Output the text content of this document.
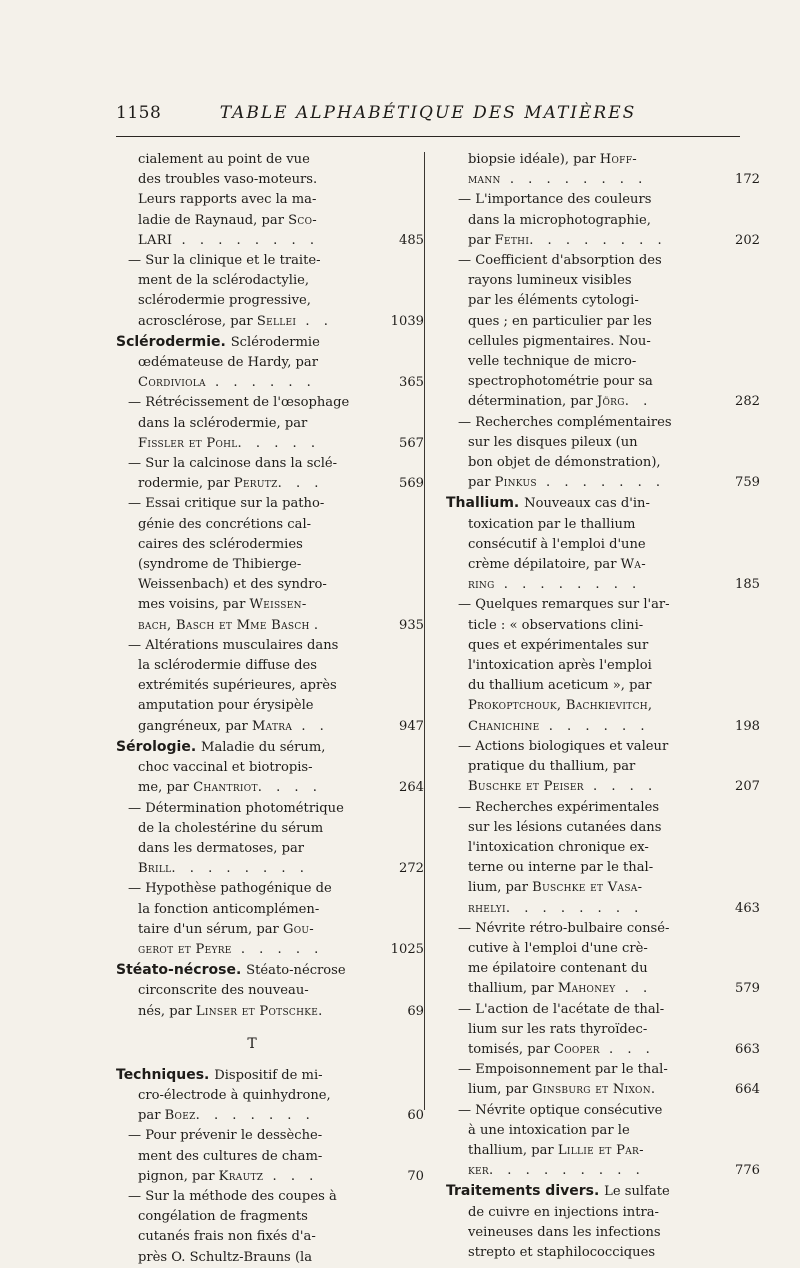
1158	TABLE ALPHABÉTIQUE DES MATIÈRES
cialement au point de vue
des troubles vaso-moteurs.
Leurs rapports avec la ma-
ladie de Raynaud, par Sco-
LARI . . . . . . . .	485
— Sur la clinique et le traite-
ment de la sclérodactylie,
sclérodermie progressive,
acrosclérose, par Sellei . .	1039
Sclérodermie. Sclérodermie
œdémateuse de Hardy, par
Cordiviola . . . . . .	365
— Rétrécissement de l'œsophage
dans la sclérodermie, par
Fissler et Pohl. . . . .	567
— Sur la calcinose dans la sclé-
rodermie, par Perutz. . .	569
— Essai critique sur la patho-
génie des concrétions cal-
caires des sclérodermies
(syndrome de Thibierge-
Weissenbach) et des syndro-
mes voisins, par Weissen-
bach, Basch et Mme Basch .	935
— Altérations musculaires dans
la sclérodermie diffuse des
extrémités supérieures, après
amputation pour érysipèle
gangréneux, par Matra . .	947
Sérologie. Maladie du sérum,
choc vaccinal et biotropis-
me, par Chantriot. . . .	264
— Détermination photométrique
de la cholestérine du sérum
dans les dermatoses, par
Brill. . . . . . . .	272
— Hypothèse pathogénique de
la fonction anticomplémen-
taire d'un sérum, par Gou-
gerot et Peyre . . . . .	1025
Stéato-nécrose. Stéato-nécrose
circonscrite des nouveau-
nés, par Linser et Potschke.	69
T
Techniques. Dispositif de mi-
cro-électrode à quinhydrone,
par Boez. . . . . . .	60
— Pour prévenir le dessèche-
ment des cultures de cham-
pignon, par Krautz . . .	70
— Sur la méthode des coupes à
congélation de fragments
cutanés frais non fixés d'a-
près O. Schultz-Brauns (la
biopsie idéale), par Hoff-
mann . . . . . . . .	172
— L'importance des couleurs
dans la microphotographie,
par Fethi. . . . . . . .	202
— Coefficient d'absorption des
rayons lumineux visibles
par les éléments cytologi-
ques ; en particulier par les
cellules pigmentaires. Nou-
velle technique de micro-
spectrophotométrie pour sa
détermination, par Jörg. .	282
— Recherches complémentaires
sur les disques pileux (un
bon objet de démonstration),
par Pinkus . . . . . . .	759
Thallium. Nouveaux cas d'in-
toxication par le thallium
consécutif à l'emploi d'une
crème dépilatoire, par Wa-
ring . . . . . . . .	185
— Quelques remarques sur l'ar-
ticle : « observations clini-
ques et expérimentales sur
l'intoxication après l'emploi
du thallium aceticum », par
Prokoptchouk, Bachkievitch,
Chanichine . . . . . .	198
— Actions biologiques et valeur
pratique du thallium, par
Buschke et Peiser . . . .	207
— Recherches expérimentales
sur les lésions cutanées dans
l'intoxication chronique ex-
terne ou interne par le thal-
lium, par Buschke et Vasa-
rhelyi. . . . . . . .	463
— Névrite rétro-bulbaire consé-
cutive à l'emploi d'une crè-
me épilatoire contenant du
thallium, par Mahoney . .	579
— L'action de l'acétate de thal-
lium sur les rats thyroïdec-
tomisés, par Cooper . . .	663
— Empoisonnement par le thal-
lium, par Ginsburg et Nixon.	664
— Névrite optique consécutive
à une intoxication par le
thallium, par Lillie et Par-
ker. . . . . . . . .	776
Traitements divers. Le sulfate
de cuivre en injections intra-
veineuses dans les infections
strepto et staphilococciques
